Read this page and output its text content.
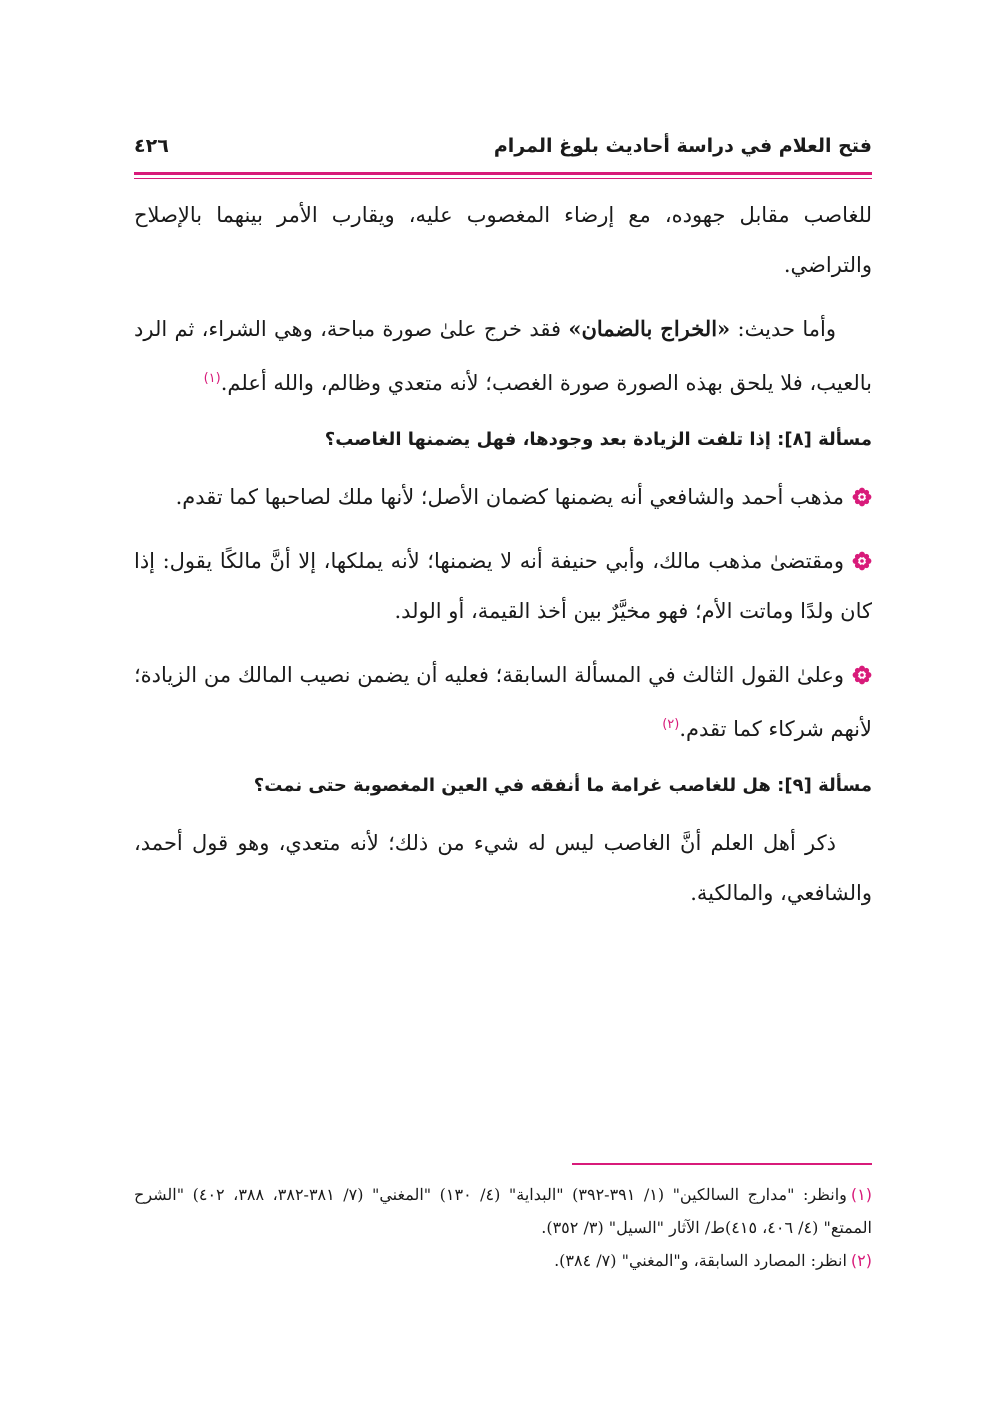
فتح العلام في دراسة أحاديث بلوغ المرام
٤٢٦

للغاصب مقابل جهوده، مع إرضاء المغصوب عليه، ويقارب الأمر بينهما بالإصلاح والتراضي.

وأما حديث: «الخراج بالضمان» فقد خرج علىٰ صورة مباحة، وهي الشراء، ثم الرد بالعيب، فلا يلحق بهذه الصورة صورة الغصب؛ لأنه متعدي وظالم، والله أعلم.$^{(١)}$

مسألة [٨]: إذا تلفت الزيادة بعد وجودها، فهل يضمنها الغاصب؟

مذهب أحمد والشافعي أنه يضمنها كضمان الأصل؛ لأنها ملك لصاحبها كما تقدم.

ومقتضىٰ مذهب مالك، وأبي حنيفة أنه لا يضمنها؛ لأنه يملكها، إلا أنَّ مالكًا يقول: إذا كان ولدًا وماتت الأم؛ فهو مخيَّرٌ بين أخذ القيمة، أو الولد.

وعلىٰ القول الثالث في المسألة السابقة؛ فعليه أن يضمن نصيب المالك من الزيادة؛ لأنهم شركاء كما تقدم.$^{(٢)}$

مسألة [٩]: هل للغاصب غرامة ما أنفقه في العين المغصوبة حتى نمت؟

ذكر أهل العلم أنَّ الغاصب ليس له شيء من ذلك؛ لأنه متعدي، وهو قول أحمد، والشافعي، والمالكية.

(١)وانظر: "مدارج السالكين" (١/ ٣٩١-٣٩٢) "البداية" (٤/ ١٣٠) "المغني" (٧/ ٣٨١-٣٨٢، ٣٨٨، ٤٠٢) "الشرح الممتع" (٤/ ٤٠٦، ٤١٥)ط/ الآثار "السيل" (٣/ ٣٥٢).

(٢)انظر: المصارد السابقة، و"المغني" (٧/ ٣٨٤).
